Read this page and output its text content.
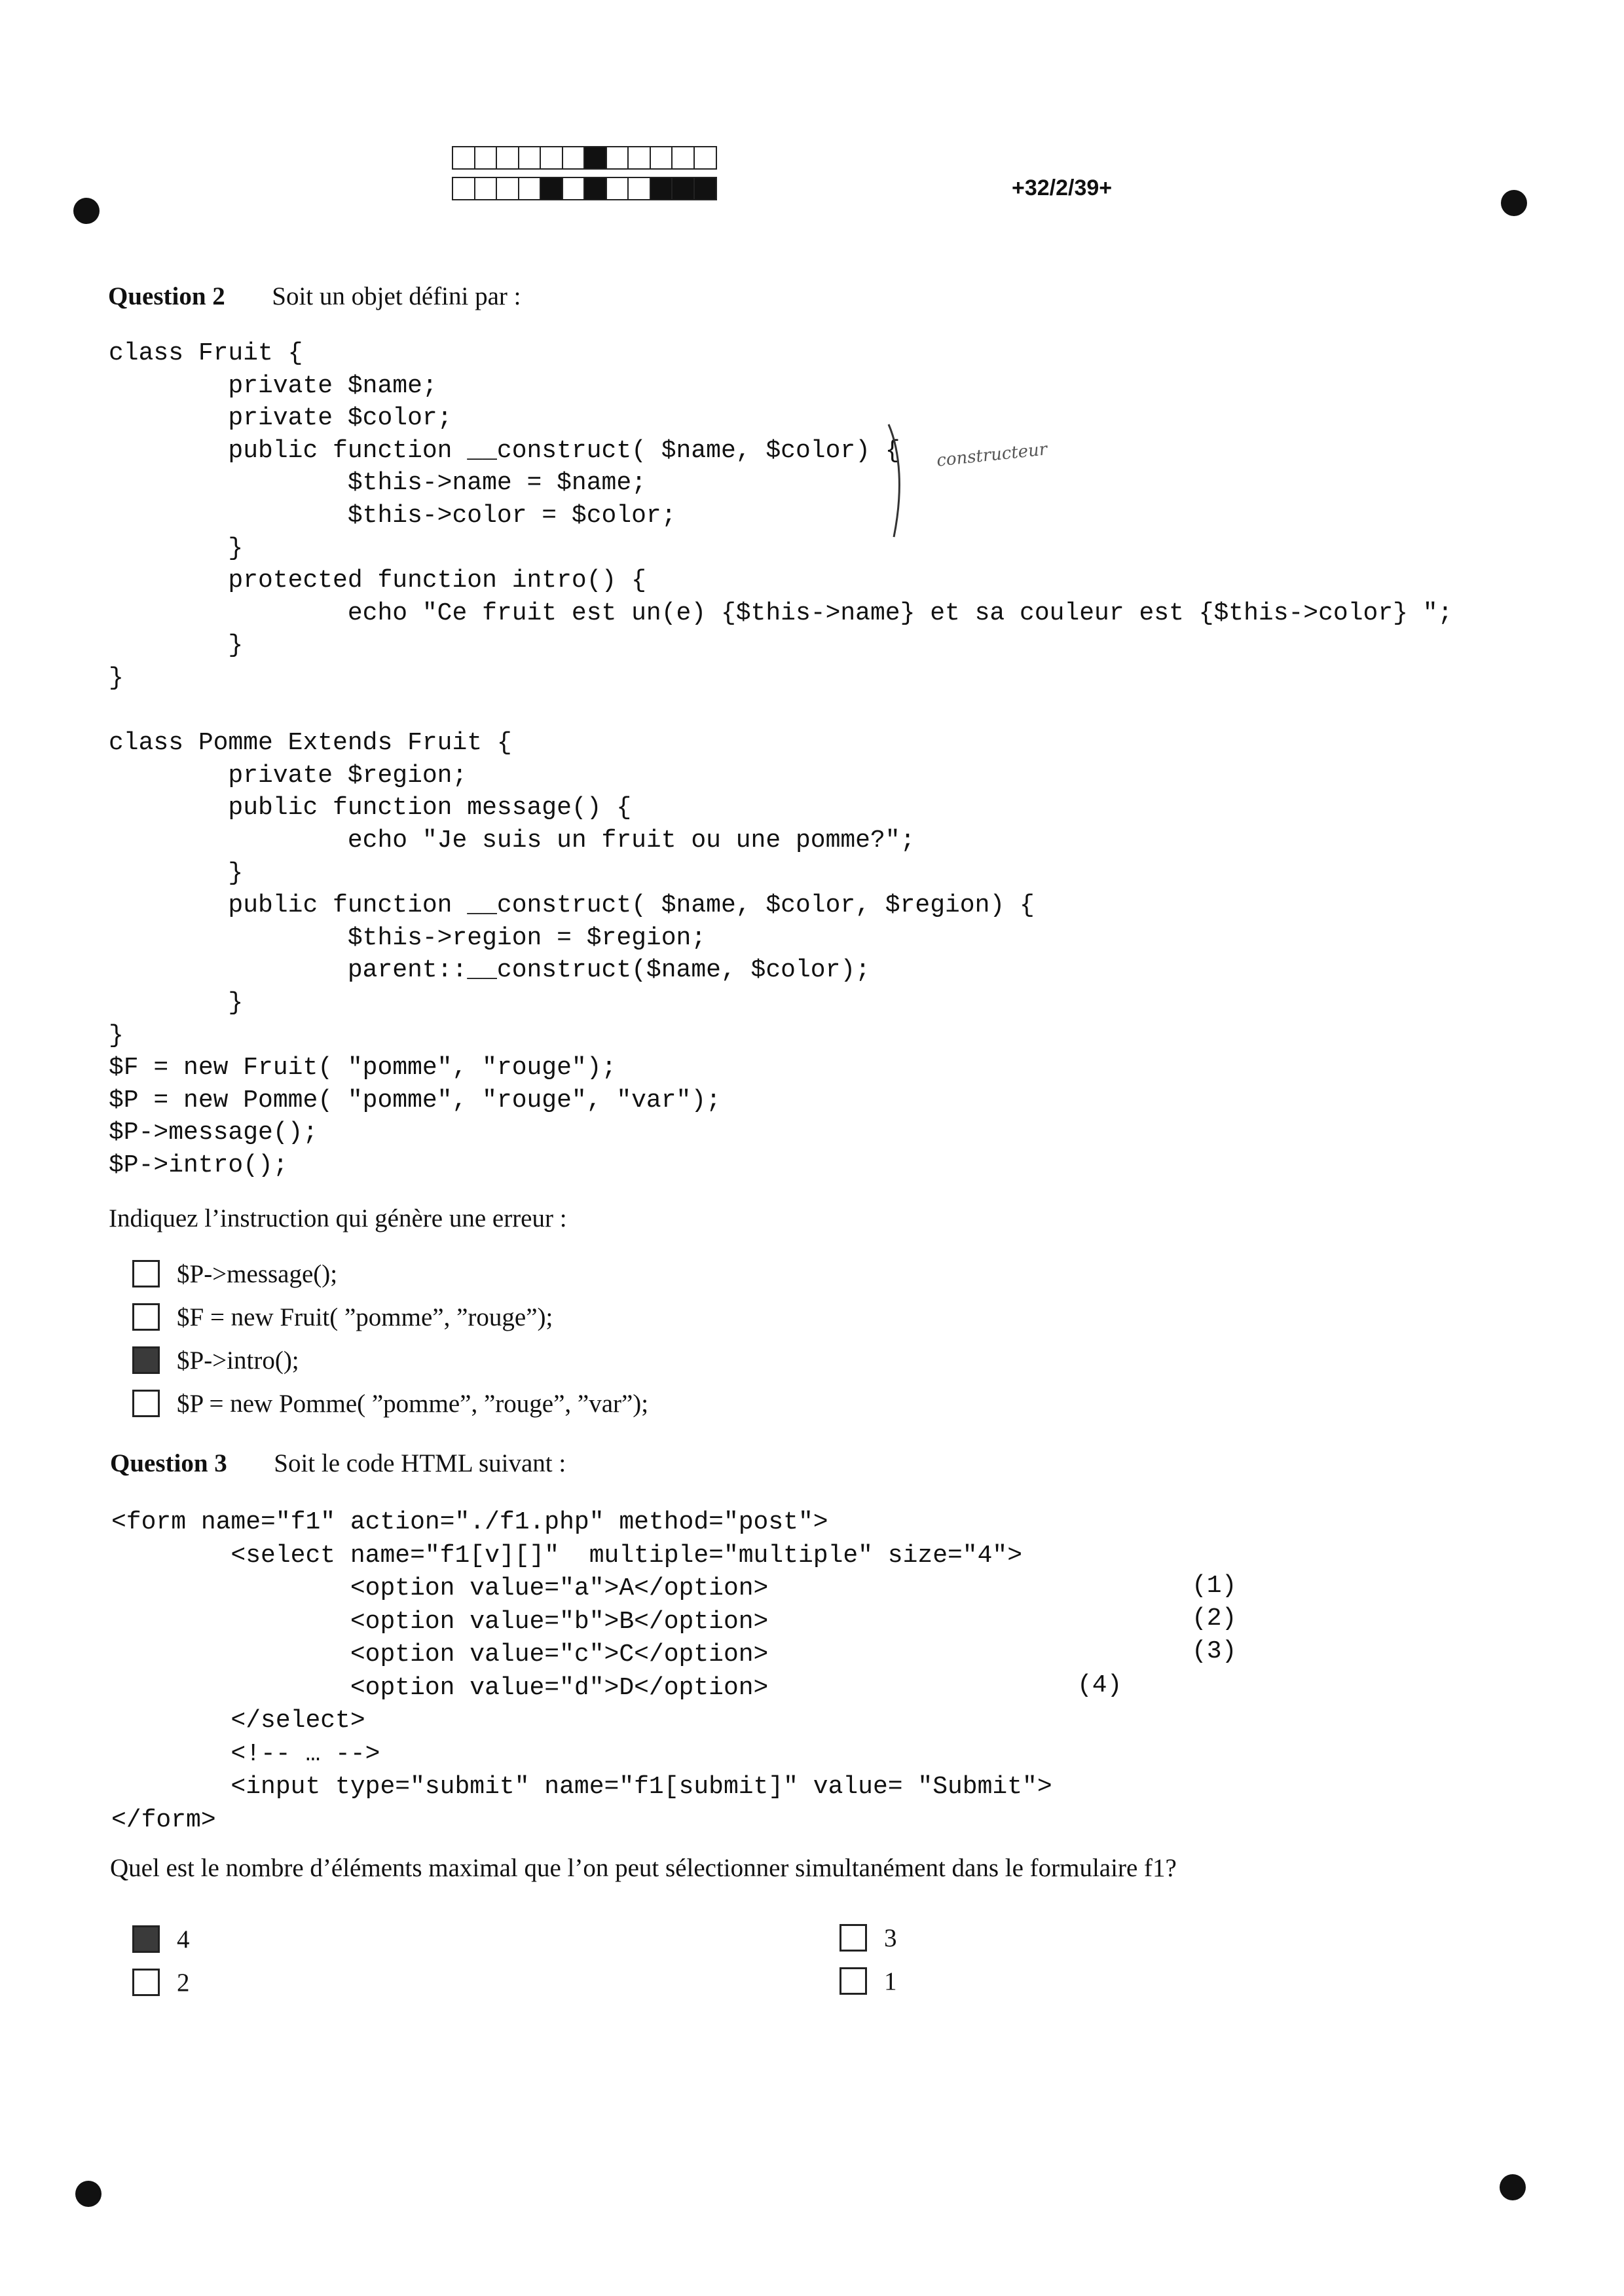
+32/2/39+
Question 2 Soit un objet défini par :
class Fruit {
private $name;
private $color;
public function __construct( $name, $color) {
$this->name = $name;
$this->color = $color;
}
protected function intro() {
echo "Ce fruit est un(e) {$this->name} et sa couleur est {$this->color} ";
}
}
class Pomme Extends Fruit {
private $region;
public function message() {
echo "Je suis un fruit ou une pomme?";
}
public function __construct( $name, $color, $region) {
$this->region = $region;
parent::__construct($name, $color);
}
}
$F = new Fruit( "pomme", "rouge");
$P = new Pomme( "pomme", "rouge", "var");
$P->message();
$P->intro();
constructeur
Indiquez l’instruction qui génère une erreur :
$P->message();
$F = new Fruit( ”pomme”, ”rouge”);
$P->intro();
$P = new Pomme( ”pomme”, ”rouge”, ”var”);
Question 3 Soit le code HTML suivant :
<form name="f1" action="./f1.php" method="post">
<select name="f1[v][]"  multiple="multiple" size="4">
<option value="a">A</option>
<option value="b">B</option>
<option value="c">C</option>
<option value="d">D</option>
</select>
<!-- … -->
<input type="submit" name="f1[submit]" value= "Submit">
</form>
(1)
(2)
(3)
(4)
Quel est le nombre d’éléments maximal que l’on peut sélectionner simultanément dans le formulaire f1?
4	3
2	1
